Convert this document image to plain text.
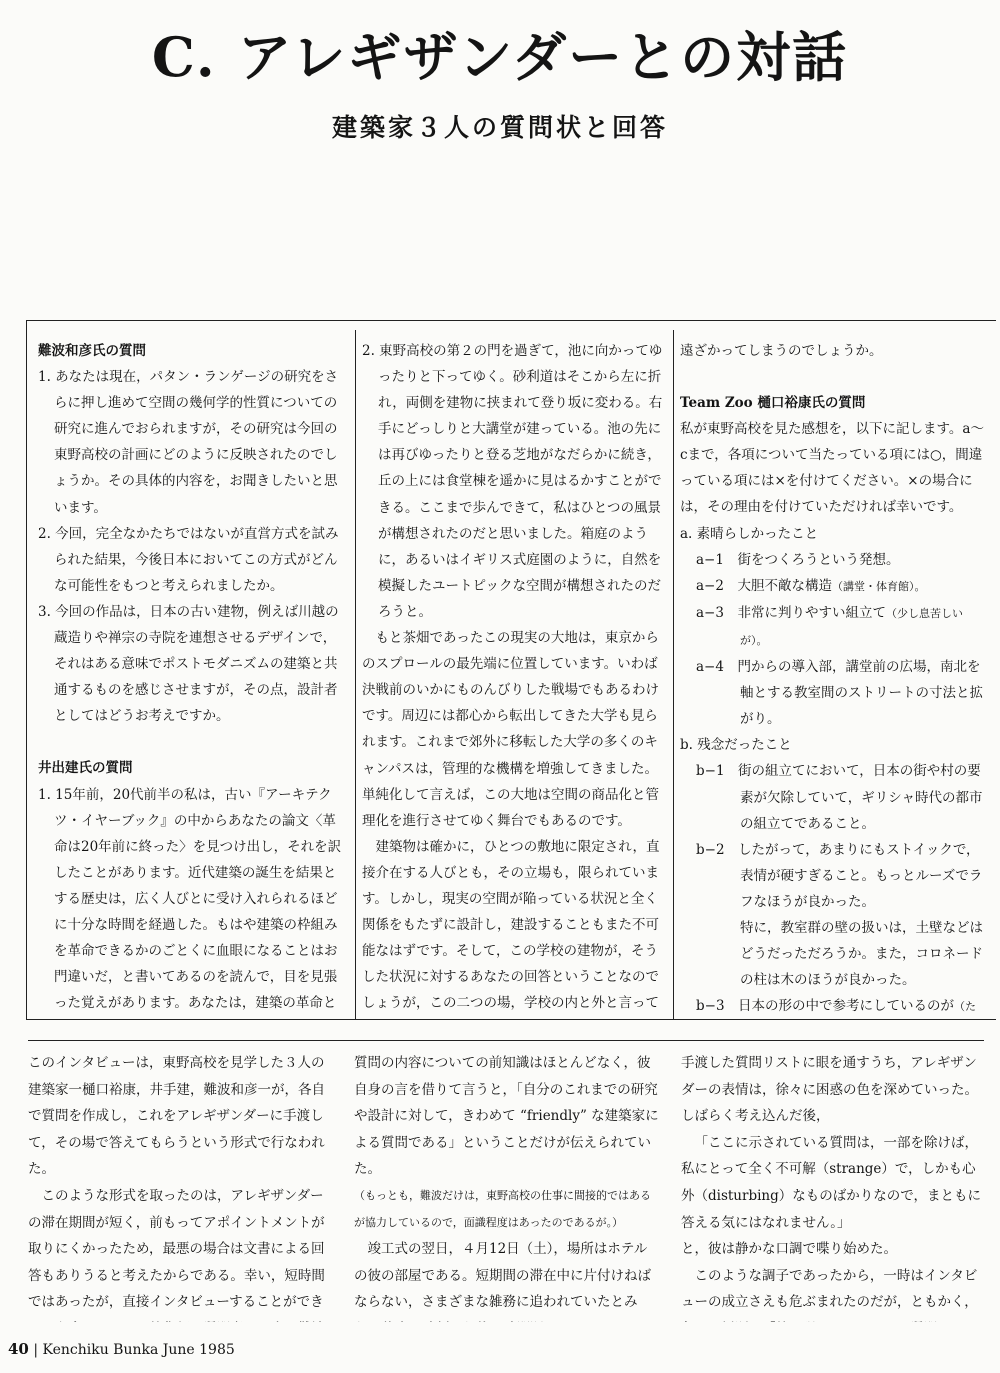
C. アレギザンダーとの対話
建築家３人の質問状と回答

難波和彦氏の質問

1. あなたは現在，パタン・ランゲージの研究をさらに押し進めて空間の幾何学的性質についての研究に進んでおられますが，その研究は今回の東野高校の計画にどのように反映されたのでしょうか。その具体的内容を，お聞きしたいと思います。

2. 今回，完全なかたちではないが直営方式を試みられた結果，今後日本においてこの方式がどんな可能性をもつと考えられましたか。

3. 今回の作品は，日本の古い建物，例えば川越の蔵造りや禅宗の寺院を連想させるデザインで，それはある意味でポストモダニズムの建築と共通するものを感じさせますが，その点，設計者としてはどうお考えですか。

井出建氏の質問

1. 15年前，20代前半の私は，古い『アーキテクツ・イヤーブック』の中からあなたの論文〈革命は20年前に終った〉を見つけ出し，それを訳したことがあります。近代建築の誕生を結果とする歴史は，広く人びとに受け入れられるほどに十分な時間を経過した。もはや建築の枠組みを革命できるかのごとくに血眼になることはお門違いだ，と書いてあるのを読んで，目を見張った覚えがあります。あなたは，建築の革命と

2. 東野高校の第２の門を過ぎて，池に向かってゆったりと下ってゆく。砂利道はそこから左に折れ，両側を建物に挟まれて登り坂に変わる。右手にどっしりと大講堂が建っている。池の先には再びゆったりと登る芝地がなだらかに続き，丘の上には食堂棟を遥かに見はるかすことができる。ここまで歩んできて，私はひとつの風景が構想されたのだと思いました。箱庭のように，あるいはイギリス式庭園のように，自然を模擬したユートピックな空間が構想されたのだろうと。

もと茶畑であったこの現実の大地は，東京からのスプロールの最先端に位置しています。いわば決戦前のいかにものんびりした戦場でもあるわけです。周辺には都心から転出してきた大学も見られます。これまで郊外に移転した大学の多くのキャンパスは，管理的な機構を増強してきました。単純化して言えば，この大地は空間の商品化と管理化を進行させてゆく舞台でもあるのです。

建築物は確かに，ひとつの敷地に限定され，直接介在する人びとも，その立場も，限られています。しかし，現実の空間が陥っている状況と全く関係をもたずに設計し，建設することもまた不可能なはずです。そして，この学校の建物が，そうした状況に対するあなたの回答ということなのでしょうが，この二つの場，学校の内と外と言って

遠ざかってしまうのでしょうか。

Team Zoo 樋口裕康氏の質問

私が東野高校を見た感想を，以下に記します。a〜cまで，各項について当たっている項には○，間違っている項には×を付けてください。×の場合には，その理由を付けていただければ幸いです。

a. 素晴らしかったこと

a−1　街をつくろうという発想。

a−2　大胆不敵な構造（講堂・体育館）。

a−3　非常に判りやすい組立て（少し息苦しいが）。

a−4　門からの導入部，講堂前の広場，南北を軸とする教室間のストリートの寸法と拡がり。

b. 残念だったこと

b−1　街の組立てにおいて，日本の街や村の要素が欠除していて，ギリシャ時代の都市の組立てであること。

b−2　したがって，あまりにもストイックで，表情が硬すぎること。もっとルーズでラフなほうが良かった。

特に，教室群の壁の扱いは，土壁などはどうだっただろうか。また，コロネードの柱は木のほうが良かった。

b−3　日本の形の中で参考にしているのが（た

このインタビューは，東野高校を見学した３人の建築家一樋口裕康，井手建，難波和彦一が，各自で質問を作成し，これをアレギザンダーに手渡して，その場で答えてもらうという形式で行なわれた。

このような形式を取ったのは，アレギザンダーの滞在期間が短く，前もってアポイントメントが取りにくかったため，最悪の場合は文書による回答もありうると考えたからである。幸い，短時間ではあったが，直接インタビューすることができ

質問の内容についての前知識はほとんどなく，彼自身の言を借りて言うと，「自分のこれまでの研究や設計に対して，きわめて “friendly” な建築家による質問である」ということだけが伝えられていた。

（もっとも，難波だけは，東野高校の仕事に間接的ではあるが協力しているので，面識程度はあったのであるが。）

竣工式の翌日，４月12日（土），場所はホテルの彼の部屋である。短期間の滞在中に片付けねばならない，さまざまな雑務に追われていたとみ

手渡した質問リストに眼を通すうち，アレギザンダーの表情は，徐々に困惑の色を深めていった。しばらく考え込んだ後，

「ここに示されている質問は，一部を除けば，私にとって全く不可解（strange）で，しかも心外（disturbing）なものばかりなので，まともに答える気にはなれません。」

と，彼は静かな口調で喋り始めた。

このような調子であったから，一時はインタビューの成立さえも危ぶまれたのだが，ともかく，

40 | Kenchiku Bunka June 1985
